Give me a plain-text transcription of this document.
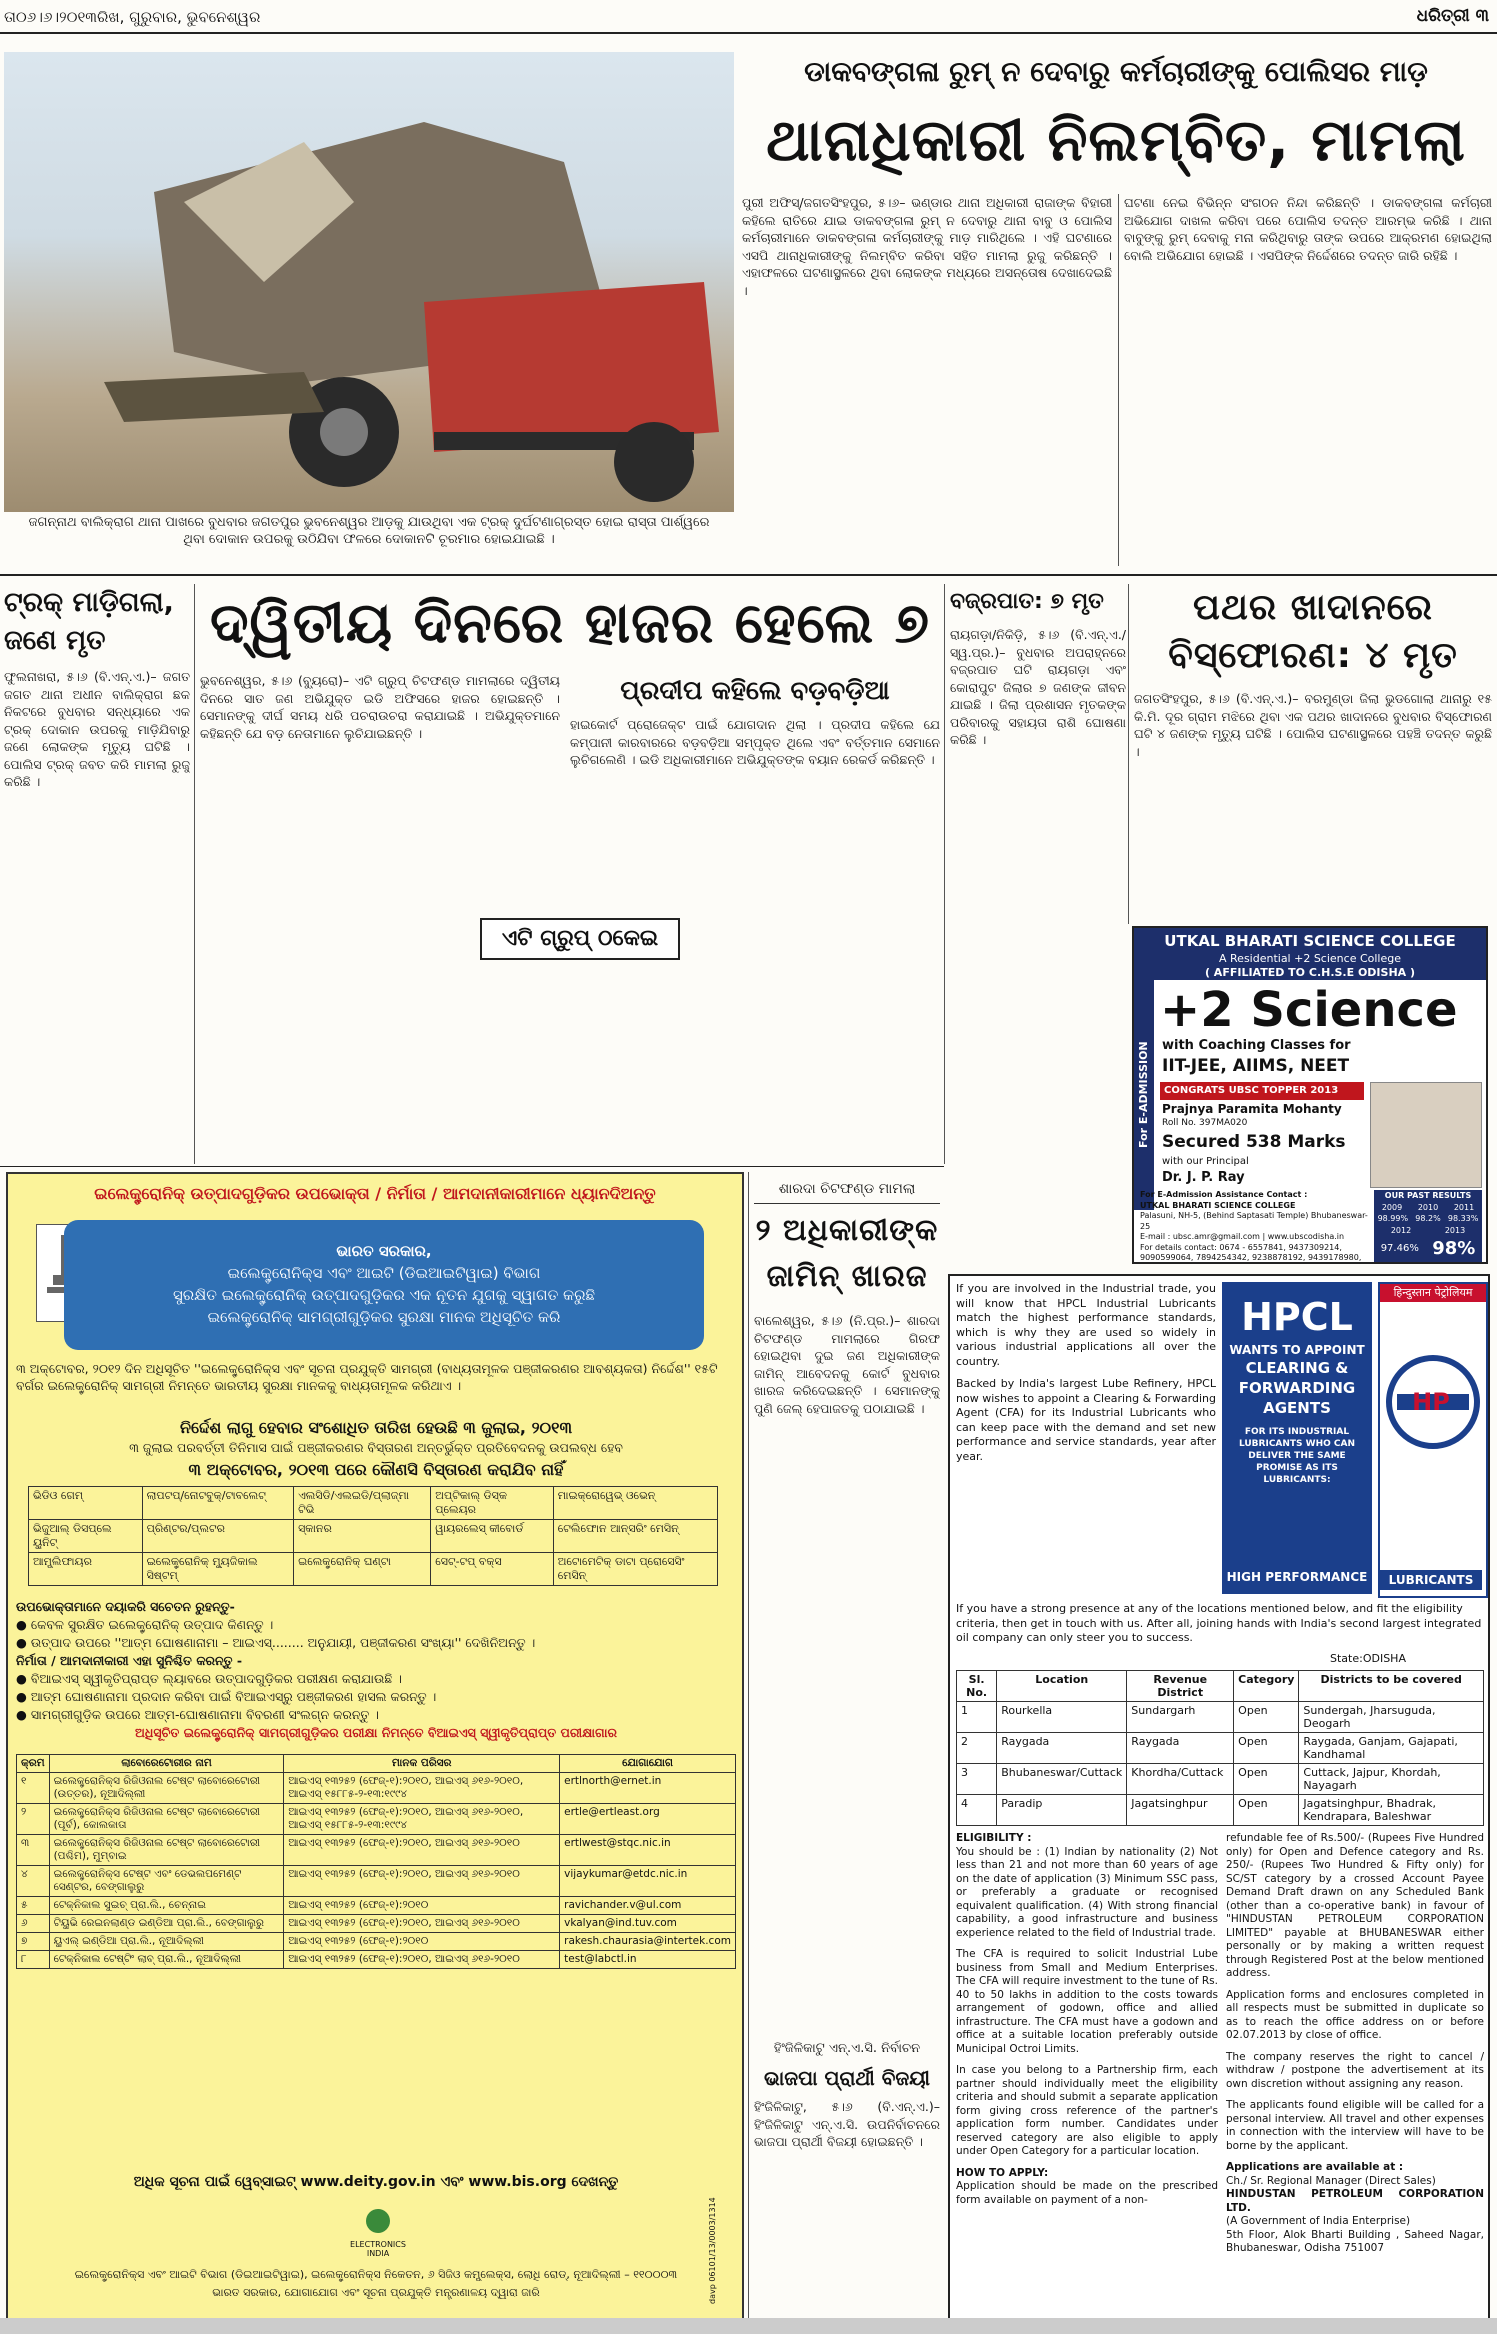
ତା୦୬।୬।୨୦୧୩ରିଖ, ଗୁରୁବାର, ଭୁବନେଶ୍ୱର	ଧରିତ୍ରୀ ୩
ଜଗନ୍ନାଥ ବାଲିକ୍ରାଗ ଥାନା ପାଖରେ ବୁଧବାର ଜଗତପୁର ଭୁବନେଶ୍ୱର ଆଡ଼କୁ ଯାଉଥିବା ଏକ ଟ୍ରକ୍ ଦୁର୍ଘଟଣାଗ୍ରସ୍ତ ହୋଇ ରାସ୍ତା ପାର୍ଶ୍ୱରେ ଥିବା ଦୋକାନ ଉପରକୁ ଉଠିଯିବା ଫଳରେ ଦୋକାନଟି ଚୂରମାର ହୋଇଯାଇଛି ।
ଡାକବଙ୍ଗଳା ରୁମ୍ ନ ଦେବାରୁ କର୍ମଚାରୀଙ୍କୁ ପୋଲିସର ମାଡ଼
ଥାନାଧିକାରୀ ନିଲମ୍ବିତ, ମାମଲା
ପୁରୀ ଅଫିସ୍/ଜଗତସିଂହପୁର, ୫।୬– ଭଣ୍ଡାର ଥାନା ଅଧିକାରୀ ରାଜାଙ୍କ ବିହାରୀ କହିଲେ ରାତିରେ ଯାଇ ଡାକବଙ୍ଗଳା ରୁମ୍ ନ ଦେବାରୁ ଥାନା ବାବୁ ଓ ପୋଲିସ କର୍ମଚାରୀମାନେ ଡାକବଙ୍ଗଳା କର୍ମଚାରୀଙ୍କୁ ମାଡ଼ ମାରିଥିଲେ । ଏହି ଘଟଣାରେ ଏସପି ଥାନାଧିକାରୀଙ୍କୁ ନିଲମ୍ବିତ କରିବା ସହିତ ମାମଲା ରୁଜୁ କରିଛନ୍ତି । ଏହାଫଳରେ ଘଟଣାସ୍ଥଳରେ ଥିବା ଲୋକଙ୍କ ମଧ୍ୟରେ ଅସନ୍ତୋଷ ଦେଖାଦେଇଛି ।
ଘଟଣା ନେଇ ବିଭିନ୍ନ ସଂଗଠନ ନିନ୍ଦା କରିଛନ୍ତି । ଡାକବଙ୍ଗଳା କର୍ମଚାରୀ ଅଭିଯୋଗ ଦାଖଲ କରିବା ପରେ ପୋଲିସ ତଦନ୍ତ ଆରମ୍ଭ କରିଛି । ଥାନା ବାବୁଙ୍କୁ ରୁମ୍ ଦେବାକୁ ମନା କରିଥିବାରୁ ତାଙ୍କ ଉପରେ ଆକ୍ରମଣ ହୋଇଥିଲା ବୋଲି ଅଭିଯୋଗ ହୋଇଛି । ଏସପିଙ୍କ ନିର୍ଦ୍ଦେଶରେ ତଦନ୍ତ ଜାରି ରହିଛି ।
ଟ୍ରକ୍ ମାଡ଼ିଗଲା, ଜଣେ ମୃତ
ଫୁଲନାଖରା, ୫।୬ (ବି.ଏନ୍.ଏ.)– ଜଗତ ଜଗତ ଥାନା ଅଧୀନ ବାଲିକ୍ରାଗ ଛକ ନିକଟରେ ବୁଧବାର ସନ୍ଧ୍ୟାରେ ଏକ ଟ୍ରକ୍ ଦୋକାନ ଉପରକୁ ମାଡ଼ିଯିବାରୁ ଜଣେ ଲୋକଙ୍କ ମୃତ୍ୟୁ ଘଟିଛି । ପୋଲିସ ଟ୍ରକ୍ ଜବତ କରି ମାମଲା ରୁଜୁ କରିଛି ।
ଦ୍ୱିତୀୟ ଦିନରେ ହାଜର ହେଲେ ୭
ଭୁବନେଶ୍ୱର, ୫।୬ (ବ୍ୟୁରୋ)– ଏଟି ଗ୍ରୁପ୍ ଚିଟଫଣ୍ଡ ମାମଲାରେ ଦ୍ୱିତୀୟ ଦିନରେ ସାତ ଜଣ ଅଭିଯୁକ୍ତ ଇଡି ଅଫିସରେ ହାଜର ହୋଇଛନ୍ତି । ସେମାନଙ୍କୁ ଦୀର୍ଘ ସମୟ ଧରି ପଚରାଉଚରା କରାଯାଇଛି । ଅଭିଯୁକ୍ତମାନେ କହିଛନ୍ତି ଯେ ବଡ଼ ନେତାମାନେ ଲୁଚିଯାଇଛନ୍ତି ।
ପ୍ରଦୀପ କହିଲେ ବଡ଼ବଡ଼ିଆ
ହାଇକୋର୍ଟ ପ୍ରୋଜେକ୍ଟ ପାଇଁ ଯୋଗଦାନ ଥିଲା । ପ୍ରଦୀପ କହିଲେ ଯେ କମ୍ପାନୀ କାରବାରରେ ବଡ଼ବଡ଼ିଆ ସମ୍ପୃକ୍ତ ଥିଲେ ଏବଂ ବର୍ତ୍ତମାନ ସେମାନେ ଲୁଚିଗଲେଣି । ଇଡି ଅଧିକାରୀମାନେ ଅଭିଯୁକ୍ତଙ୍କ ବୟାନ ରେକର୍ଡ କରିଛନ୍ତି ।
ଏଟି ଗ୍ରୁପ୍ ଠକେଇ
ବଜ୍ରପାତ: ୭ ମୃତ
ରାୟଗଡ଼ା/ନିକିଡ଼ି, ୫।୬ (ବି.ଏନ୍.ଏ./ସ୍ୱ.ପ୍ର.)– ବୁଧବାର ଅପରାହ୍ନରେ ବଜ୍ରପାତ ଘଟି ରାୟଗଡ଼ା ଏବଂ କୋରାପୁଟ ଜିଲାର ୭ ଜଣଙ୍କ ଜୀବନ ଯାଇଛି । ଜିଲା ପ୍ରଶାସନ ମୃତକଙ୍କ ପରିବାରକୁ ସହାୟତା ରାଶି ଘୋଷଣା କରିଛି ।
ପଥର ଖାଦାନରେ ବିସ୍ଫୋରଣ: ୪ ମୃତ
ଜଗତସିଂହପୁର, ୫।୬ (ବି.ଏନ୍.ଏ.)– ବରମୁଣ୍ଡା ଜିଲା ଭୁଡଗୋଲା ଥାନାରୁ ୧୫ କି.ମି. ଦୂର ଗ୍ରାମ ମଝିରେ ଥିବା ଏକ ପଥର ଖାଦାନରେ ବୁଧବାର ବିସ୍ଫୋରଣ ଘଟି ୪ ଜଣଙ୍କ ମୃତ୍ୟୁ ଘଟିଛି । ପୋଲିସ ଘଟଣାସ୍ଥଳରେ ପହଞ୍ଚି ତଦନ୍ତ କରୁଛି ।
UTKAL BHARATI SCIENCE COLLEGE
A Residential +2 Science College
( AFFILIATED TO C.H.S.E ODISHA )
For E-ADMISSION
+2 Science
with Coaching Classes for
IIT-JEE, AIIMS, NEET
CONGRATS UBSC TOPPER 2013
Prajnya Paramita Mohanty
Roll No. 397MA020
Secured 538 Marks
with our Principal
Dr. J. P. Ray
For E-Admission Assistance Contact :
UTKAL BHARATI SCIENCE COLLEGE
Palasuni, NH-5, (Behind Saptasati Temple) Bhubaneswar-25
E-mail : ubsc.amr@gmail.com | www.ubscodisha.in
For details contact: 0674 - 6557841, 9437309214, 9090599064, 7894254342, 9238878192, 9439178980,
OUR PAST RESULTS
2009 2010 2011
98.99% 98.2% 98.33%
2012	2013
97.46% 98%
ଇଲେକ୍ଟ୍ରୋନିକ୍ ଉତ୍ପାଦଗୁଡ଼ିକର ଉପଭୋକ୍ତା / ନିର୍ମାତା / ଆମଦାନୀକାରୀମାନେ ଧ୍ୟାନଦିଅନ୍ତୁ
ଭାରତ ସରକାର,
ଇଲେକ୍ଟ୍ରୋନିକ୍ସ ଏବଂ ଆଇଟି (ଡିଇଆଇଟିୱାଇ) ବିଭାଗ
ସୁରକ୍ଷିତ ଇଲେକ୍ଟ୍ରୋନିକ୍ ଉତ୍ପାଦଗୁଡ଼ିକର ଏକ ନୂତନ ଯୁଗକୁ ସ୍ୱାଗତ କରୁଛି
ଇଲେକ୍ଟ୍ରୋନିକ୍ ସାମଗ୍ରୀଗୁଡ଼ିକର ସୁରକ୍ଷା ମାନକ ଅଧିସୂଚିତ କରି
୩ ଅକ୍ଟୋବର, ୨୦୧୨ ଦିନ ଅଧିସୂଚିତ ''ଇଲେକ୍ଟ୍ରୋନିକ୍ସ ଏବଂ ସୂଚନା ପ୍ରଯୁକ୍ତି ସାମଗ୍ରୀ (ବାଧ୍ୟତାମୂଳକ ପଞ୍ଜୀକରଣର ଆବଶ୍ୟକତା) ନିର୍ଦ୍ଦେଶ'' ୧୫ଟି ବର୍ଗର ଇଲେକ୍ଟ୍ରୋନିକ୍ ସାମଗ୍ରୀ ନିମନ୍ତେ ଭାରତୀୟ ସୁରକ୍ଷା ମାନକକୁ ବାଧ୍ୟତାମୂଳକ କରିଥାଏ ।
ନିର୍ଦ୍ଦେଶ ଲାଗୁ ହେବାର ସଂଶୋଧିତ ତାରିଖ ହେଉଛି ୩ ଜୁଲାଇ, ୨୦୧୩
୩ ଜୁଲାଇ ପରବର୍ତ୍ତୀ ତିନିମାସ ପାଇଁ ପଞ୍ଜୀକରଣର ବିସ୍ତାରଣ ଅନ୍ତର୍ଭୁକ୍ତ ପ୍ରତିବେଦନକୁ ଉପଲବ୍ଧ ହେବ
୩ ଅକ୍ଟୋବର, ୨୦୧୩ ପରେ କୌଣସି ବିସ୍ତାରଣ କରାଯିବ ନାହିଁ
ଭିଡିଓ ଗେମ୍	ଲାପଟପ୍/ନୋଟବୁକ୍/ଟାବଲେଟ୍	ଏଲସିଡି/ଏଲଇଡି/ପ୍ଲାଜ୍ମା ଟିଭି	ଅପ୍ଟିକାଲ୍ ଡିସ୍କ ପ୍ଲେୟର	ମାଇକ୍ରୋୱେଭ୍ ଓଭେନ୍
ଭିଜୁଆଲ୍ ଡିସପ୍ଲେ ୟୁନିଟ୍	ପ୍ରିଣ୍ଟର/ପ୍ଲଟର	ସ୍କାନର	ୱାୟରଲେସ୍ କୀବୋର୍ଡ	ଟେଲିଫୋନ ଆନ୍ସରିଂ ମେସିନ୍
ଆମ୍ପ୍ଲିଫାୟର	ଇଲେକ୍ଟ୍ରୋନିକ୍ ମ୍ୟୁଜିକାଲ ସିଷ୍ଟମ୍	ଇଲେକ୍ଟ୍ରୋନିକ୍ ଘଣ୍ଟା	ସେଟ୍-ଟପ୍ ବକ୍ସ	ଅଟୋମେଟିକ୍ ଡାଟା ପ୍ରୋସେସିଂ ମେସିନ୍
ଉପଭୋକ୍ତାମାନେ ଦୟାକରି ସଚେତନ ରୁହନ୍ତୁ-
● କେବଳ ସୁରକ୍ଷିତ ଇଲେକ୍ଟ୍ରୋନିକ୍ ଉତ୍ପାଦ କିଣନ୍ତୁ ।
● ଉତ୍ପାଦ ଉପରେ ''ଆତ୍ମ ଘୋଷଣାନାମା – ଆଇଏସ୍........ ଅନୁଯାୟୀ, ପଞ୍ଜୀକରଣ ସଂଖ୍ୟା'' ଦେଖିନିଅନ୍ତୁ ।
ନିର୍ମାତା / ଆମଦାନୀକାରୀ ଏହା ସୁନିଶ୍ଚିତ କରନ୍ତୁ -
● ବିଆଇଏସ୍ ସ୍ୱୀକୃତିପ୍ରାପ୍ତ ଲ୍ୟାବରେ ଉତ୍ପାଦଗୁଡ଼ିକର ପରୀକ୍ଷଣ କରାଯାଉଛି ।
● ଆତ୍ମ ଘୋଷଣାନାମା ପ୍ରଦାନ କରିବା ପାଇଁ ବିଆଇଏସ୍‌ରୁ ପଞ୍ଜୀକରଣ ହାସଲ କରନ୍ତୁ ।
● ସାମଗ୍ରୀଗୁଡ଼ିକ ଉପରେ ଆତ୍ମ-ଘୋଷଣାନାମା ବିବରଣୀ ସଂଲଗ୍ନ କରନ୍ତୁ ।
ଅଧିସୂଚିତ ଇଲେକ୍ଟ୍ରୋନିକ୍ ସାମଗ୍ରୀଗୁଡ଼ିକର ପରୀକ୍ଷା ନିମନ୍ତେ ବିଆଇଏସ୍ ସ୍ୱୀକୃତିପ୍ରାପ୍ତ ପରୀକ୍ଷାଗାର
କ୍ରମ	ଲାବୋରେଟୋରୀର ନାମ	ମାନକ ପରିସର	ଯୋଗାଯୋଗ
୧	ଇଲେକ୍ଟ୍ରୋନିକ୍ସ ରିଜିଓନାଲ ଟେଷ୍ଟ ଲାବୋରେଟୋରୀ (ଉତ୍ତର), ନୂଆଦିଲ୍ଲୀ	ଆଇଏସ୍ ୧୩୨୫୨ (ଫେଜ୍-୧):୨୦୧୦, ଆଇଏସ୍ ୬୧୬-୨୦୧୦, ଆଇଏସ୍ ୧୫୮୮୫-୨-୧୩:୧୯୯୪	ertlnorth@ernet.in
୨	ଇଲେକ୍ଟ୍ରୋନିକ୍ସ ରିଜିଓନାଲ ଟେଷ୍ଟ ଲାବୋରେଟୋରୀ (ପୂର୍ବ), କୋଲକାତା	ଆଇଏସ୍ ୧୩୨୫୨ (ଫେଜ୍-୧):୨୦୧୦, ଆଇଏସ୍ ୬୧୬-୨୦୧୦, ଆଇଏସ୍ ୧୫୮୮୫-୨-୧୩:୧୯୯୪	ertle@ertleast.org
୩	ଇଲେକ୍ଟ୍ରୋନିକ୍ସ ରିଜିଓନାଲ ଟେଷ୍ଟ ଲାବୋରେଟୋରୀ (ପଶ୍ଚିମ), ମୁମ୍ବାଇ	ଆଇଏସ୍ ୧୩୨୫୨ (ଫେଜ୍-୧):୨୦୧୦, ଆଇଏସ୍ ୬୧୬-୨୦୧୦	ertlwest@stqc.nic.in
୪	ଇଲେକ୍ଟ୍ରୋନିକ୍ସ ଟେଷ୍ଟ ଏବଂ ଡେଭଲପମେଣ୍ଟ ସେଣ୍ଟର, ବେଙ୍ଗାଲୁରୁ	ଆଇଏସ୍ ୧୩୨୫୨ (ଫେଜ୍-୧):୨୦୧୦, ଆଇଏସ୍ ୬୧୬-୨୦୧୦	vijaykumar@etdc.nic.in
୫	ଟେକ୍ନିକାଲ ସୁଇଚ୍ ପ୍ରା.ଲି., ଚେନ୍ନାଇ	ଆଇଏସ୍ ୧୩୨୫୨ (ଫେଜ୍-୧):୨୦୧୦	ravichander.v@ul.com
୬	ଟିୟୁଭି ରେଇନଲାଣ୍ଡ ଇଣ୍ଡିଆ ପ୍ରା.ଲି., ବେଙ୍ଗାଲୁରୁ	ଆଇଏସ୍ ୧୩୨୫୨ (ଫେଜ୍-୧):୨୦୧୦, ଆଇଏସ୍ ୬୧୬-୨୦୧୦	vkalyan@ind.tuv.com
୭	ୟୁଏଲ୍ ଇଣ୍ଡିଆ ପ୍ରା.ଲି., ନୂଆଦିଲ୍ଲୀ	ଆଇଏସ୍ ୧୩୨୫୨ (ଫେଜ୍-୧):୨୦୧୦	rakesh.chaurasia@intertek.com
୮	ଟେକ୍ନିକାଲ ଟେଷ୍ଟିଂ ଲାବ୍ ପ୍ରା.ଲି., ନୂଆଦିଲ୍ଲୀ	ଆଇଏସ୍ ୧୩୨୫୨ (ଫେଜ୍-୧):୨୦୧୦, ଆଇଏସ୍ ୬୧୬-୨୦୧୦	test@labctl.in
ଅଧିକ ସୂଚନା ପାଇଁ ୱେବ୍‌ସାଇଟ୍ www.deity.gov.in ଏବଂ www.bis.org ଦେଖନ୍ତୁ
ELECTRONICS INDIA
ଇଲେକ୍ଟ୍ରୋନିକ୍ସ ଏବଂ ଆଇଟି ବିଭାଗ (ଡିଇଆଇଟିୱାଇ), ଇଲେକ୍ଟ୍ରୋନିକ୍ସ ନିକେତନ, ୬ ସିଜିଓ କମ୍ପ୍ଲେକ୍ସ, ଲୋଧି ରୋଡ୍, ନୂଆଦିଲ୍ଲୀ – ୧୧୦୦୦୩
ଭାରତ ସରକାର, ଯୋଗାଯୋଗ ଏବଂ ସୂଚନା ପ୍ରଯୁକ୍ତି ମନ୍ତ୍ରଣାଳୟ ଦ୍ୱାରା ଜାରି	davp 06101/13/0003/1314
ଶାରଦା ଚିଟଫଣ୍ଡ ମାମଲା
୨ ଅଧିକାରୀଙ୍କ ଜାମିନ୍ ଖାରଜ
ବାଲେଶ୍ୱର, ୫।୬ (ନି.ପ୍ର.)– ଶାରଦା ଚିଟଫଣ୍ଡ ମାମଲାରେ ଗିରଫ ହୋଇଥିବା ଦୁଇ ଜଣ ଅଧିକାରୀଙ୍କ ଜାମିନ୍ ଆବେଦନକୁ କୋର୍ଟ ବୁଧବାର ଖାରଜ କରିଦେଇଛନ୍ତି । ସେମାନଙ୍କୁ ପୁଣି ଜେଲ୍ ହେପାଜତକୁ ପଠାଯାଇଛି ।
ହିଂଜିଳିକାଟୁ ଏନ୍.ଏ.ସି. ନିର୍ବାଚନ
ଭାଜପା ପ୍ରାର୍ଥୀ ବିଜୟୀ
ହିଂଜିଳିକାଟୁ, ୫।୬ (ବି.ଏନ୍.ଏ.)– ହିଂଜିଳିକାଟୁ ଏନ୍.ଏ.ସି. ଉପନିର୍ବାଚନରେ ଭାଜପା ପ୍ରାର୍ଥୀ ବିଜୟୀ ହୋଇଛନ୍ତି ।
If you are involved in the Industrial trade, you will know that HPCL Industrial Lubricants match the highest performance standards, which is why they are used so widely in various industrial applications all over the country.
Backed by India's largest Lube Refinery, HPCL now wishes to appoint a Clearing & Forwarding Agent (CFA) for its Industrial Lubricants who can keep pace with the demand and set new performance and service standards, year after year.
HPCL
WANTS TO APPOINT
CLEARING & FORWARDING AGENTS
FOR ITS INDUSTRIAL LUBRICANTS WHO CAN DELIVER THE SAME PROMISE AS ITS LUBRICANTS:
HIGH PERFORMANCE
हिन्दुस्तान पेट्रोलियम
HP
LUBRICANTS
If you have a strong presence at any of the locations mentioned below, and fit the eligibility criteria, then get in touch with us. After all, joining hands with India's second largest integrated oil company can only steer you to success.
State:ODISHA
Sl. No.	Location	Revenue District	Category	Districts to be covered
1	Rourkella	Sundargarh	Open	Sundergah, Jharsuguda, Deogarh
2	Raygada	Raygada	Open	Raygada, Ganjam, Gajapati, Kandhamal
3	Bhubaneswar/Cuttack	Khordha/Cuttack	Open	Cuttack, Jajpur, Khordah, Nayagarh
4	Paradip	Jagatsinghpur	Open	Jagatsinghpur, Bhadrak, Kendrapara, Baleshwar
ELIGIBILITY :
You should be : (1) Indian by nationality (2) Not less than 21 and not more than 60 years of age on the date of application (3) Minimum SSC pass, or preferably a graduate or recognised equivalent qualification. (4) With strong financial capability, a good infrastructure and business experience related to the field of Industrial trade.
The CFA is required to solicit Industrial Lube business from Small and Medium Enterprises. The CFA will require investment to the tune of Rs. 40 to 50 lakhs in addition to the costs towards arrangement of godown, office and allied infrastructure. The CFA must have a godown and office at a suitable location preferably outside Municipal Octroi Limits.
In case you belong to a Partnership firm, each partner should individually meet the eligibility criteria and should submit a separate application form giving cross reference of the partner's application form number. Candidates under reserved category are also eligible to apply under Open Category for a particular location.
HOW TO APPLY:
Application should be made on the prescribed form available on payment of a non-
refundable fee of Rs.500/- (Rupees Five Hundred only) for Open and Defence category and Rs. 250/- (Rupees Two Hundred & Fifty only) for SC/ST category by a crossed Account Payee Demand Draft drawn on any Scheduled Bank (other than a co-operative bank) in favour of "HINDUSTAN PETROLEUM CORPORATION LIMITED" payable at BHUBANESWAR either personally or by making a written request through Registered Post at the below mentioned address.
Application forms and enclosures completed in all respects must be submitted in duplicate so as to reach the office address on or before 02.07.2013 by close of office.
The company reserves the right to cancel / withdraw / postpone the advertisement at its own discretion without assigning any reason.
The applicants found eligible will be called for a personal interview. All travel and other expenses in connection with the interview will have to be borne by the applicant.
Applications are available at :
Ch./ Sr. Regional Manager (Direct Sales)
HINDUSTAN PETROLEUM CORPORATION LTD.
(A Government of India Enterprise)
5th Floor, Alok Bharti Building , Saheed Nagar, Bhubaneswar, Odisha 751007
